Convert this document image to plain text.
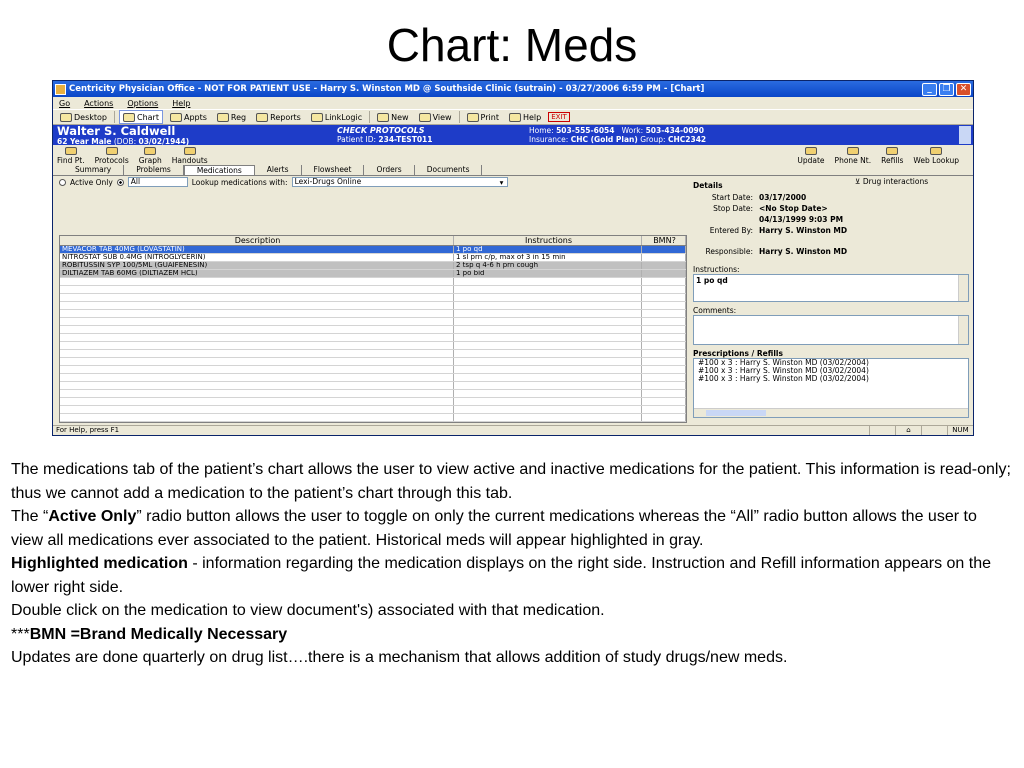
Chart: Meds
Centricity Physician Office - NOT FOR PATIENT USE - Harry S. Winston MD @ Southside Clinic (sutrain) - 03/27/2006 6:59 PM - [Chart]	_	❐	✕
Go Actions Options Help
Desktop	Chart	Appts	Reg	Reports	LinkLogic	New	View	Print	Help	EXIT
Walter S. Caldwell
62 Year Male (DOB: 03/02/1944)
CHECK PROTOCOLS
Patient ID: 234-TEST011
Home: 503-555-6054 Work: 503-434-0090
Insurance: CHC (Gold Plan) Group: CHC2342
Find Pt. Protocols Graph Handouts	Update Phone Nt. Refills Web Lookup
Summary	Problems	Medications	Alerts	Flowsheet	Orders	Documents
Active Only	All	Lookup medications with: Lexi-Drugs Online	▾	⊻ Drug interactions
Description	Instructions	BMN?
MEVACOR TAB 40MG (LOVASTATIN)	1 po qd
NITROSTAT SUB 0.4MG (NITROGLYCERIN)	1 sl prn c/p, max of 3 in 15 min
ROBITUSSIN SYP 100/5ML (GUAIFENESIN)	2 tsp q 4-6 h prn cough
DILTIAZEM TAB 60MG (DILTIAZEM HCL)	1 po bid
Details
Start Date: 03/17/2000
Stop Date: <No Stop Date>
04/13/1999 9:03 PM
Entered By: Harry S. Winston MD
Responsible: Harry S. Winston MD
Instructions:
1 po qd
Comments:
Prescriptions / Refills
#100 x 3 : Harry S. Winston MD (03/02/2004)
#100 x 3 : Harry S. Winston MD (03/02/2004)
#100 x 3 : Harry S. Winston MD (03/02/2004)
For Help, press F1	⌂	NUM

The medications tab of the patient’s chart allows the user to view active and inactive medications for the patient. This information is read-only; thus we cannot add a medication to the patient’s chart through this tab.

The “Active Only” radio button allows the user to toggle on only the current medications whereas the “All” radio button allows the user to view all medications ever associated to the patient. Historical meds will appear highlighted in gray.

Highlighted medication - information regarding the medication displays on the right side. Instruction and Refill information appears on the lower right side.

Double click on the medication to view document's) associated with that medication.

***BMN =Brand Medically Necessary

Updates are done quarterly on drug list….there is a mechanism that allows addition of study drugs/new meds.
